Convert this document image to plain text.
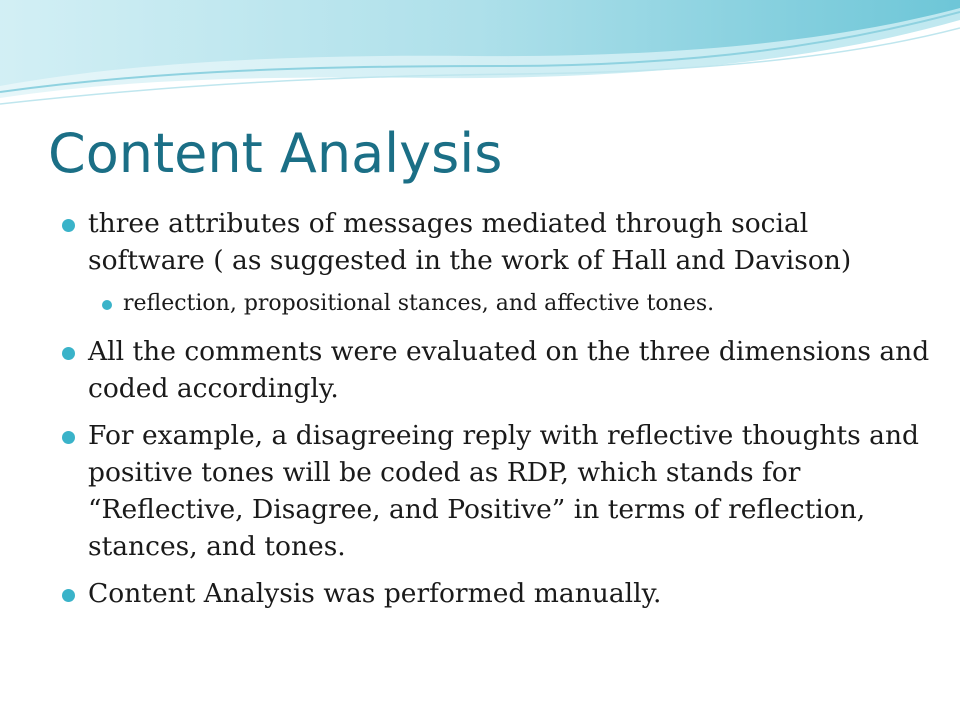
Content Analysis
three attributes of messages mediated through social software ( as suggested in the work of Hall and Davison)
reflection, propositional stances, and affective tones.
All the comments were evaluated on the three dimensions and coded accordingly.
For example, a disagreeing reply with reflective thoughts and positive tones will be coded as RDP, which stands for “Reflective, Disagree, and Positive” in terms of reflection, stances, and tones.
Content Analysis was performed manually.
